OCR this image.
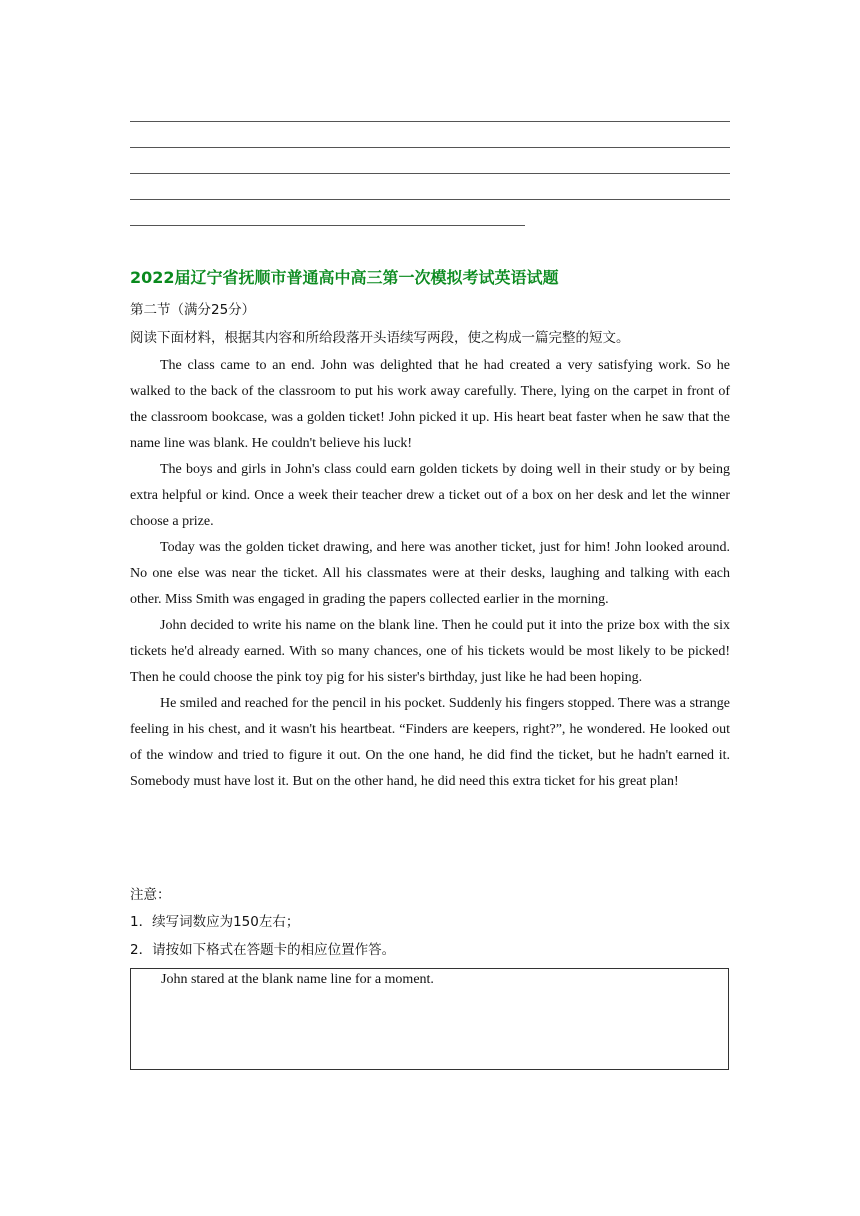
2022届辽宁省抚顺市普通高中高三第一次模拟考试英语试题
第二节（满分25分）
阅读下面材料，根据其内容和所给段落开头语续写两段，使之构成一篇完整的短文。

The class came to an end. John was delighted that he had created a very satisfying work. So he walked to the back of the classroom to put his work away carefully. There, lying on the carpet in front of the classroom bookcase, was a golden ticket! John picked it up. His heart beat faster when he saw that the name line was blank. He couldn't believe his luck!

The boys and girls in John's class could earn golden tickets by doing well in their study or by being extra helpful or kind. Once a week their teacher drew a ticket out of a box on her desk and let the winner choose a prize.

Today was the golden ticket drawing, and here was another ticket, just for him! John looked around. No one else was near the ticket. All his classmates were at their desks, laughing and talking with each other. Miss Smith was engaged in grading the papers collected earlier in the morning.

John decided to write his name on the blank line. Then he could put it into the prize box with the six tickets he'd already earned. With so many chances, one of his tickets would be most likely to be picked! Then he could choose the pink toy pig for his sister's birthday, just like he had been hoping.

He smiled and reached for the pencil in his pocket. Suddenly his fingers stopped. There was a strange feeling in his chest, and it wasn't his heartbeat. “Finders are keepers, right?”, he wondered. He looked out of the window and tried to figure it out. On the one hand, he did find the ticket, but he hadn't earned it. Somebody must have lost it. But on the other hand, he did need this extra ticket for his great plan!

注意：
1．续写词数应为150左右；
2．请按如下格式在答题卡的相应位置作答。
John stared at the blank name line for a moment.
